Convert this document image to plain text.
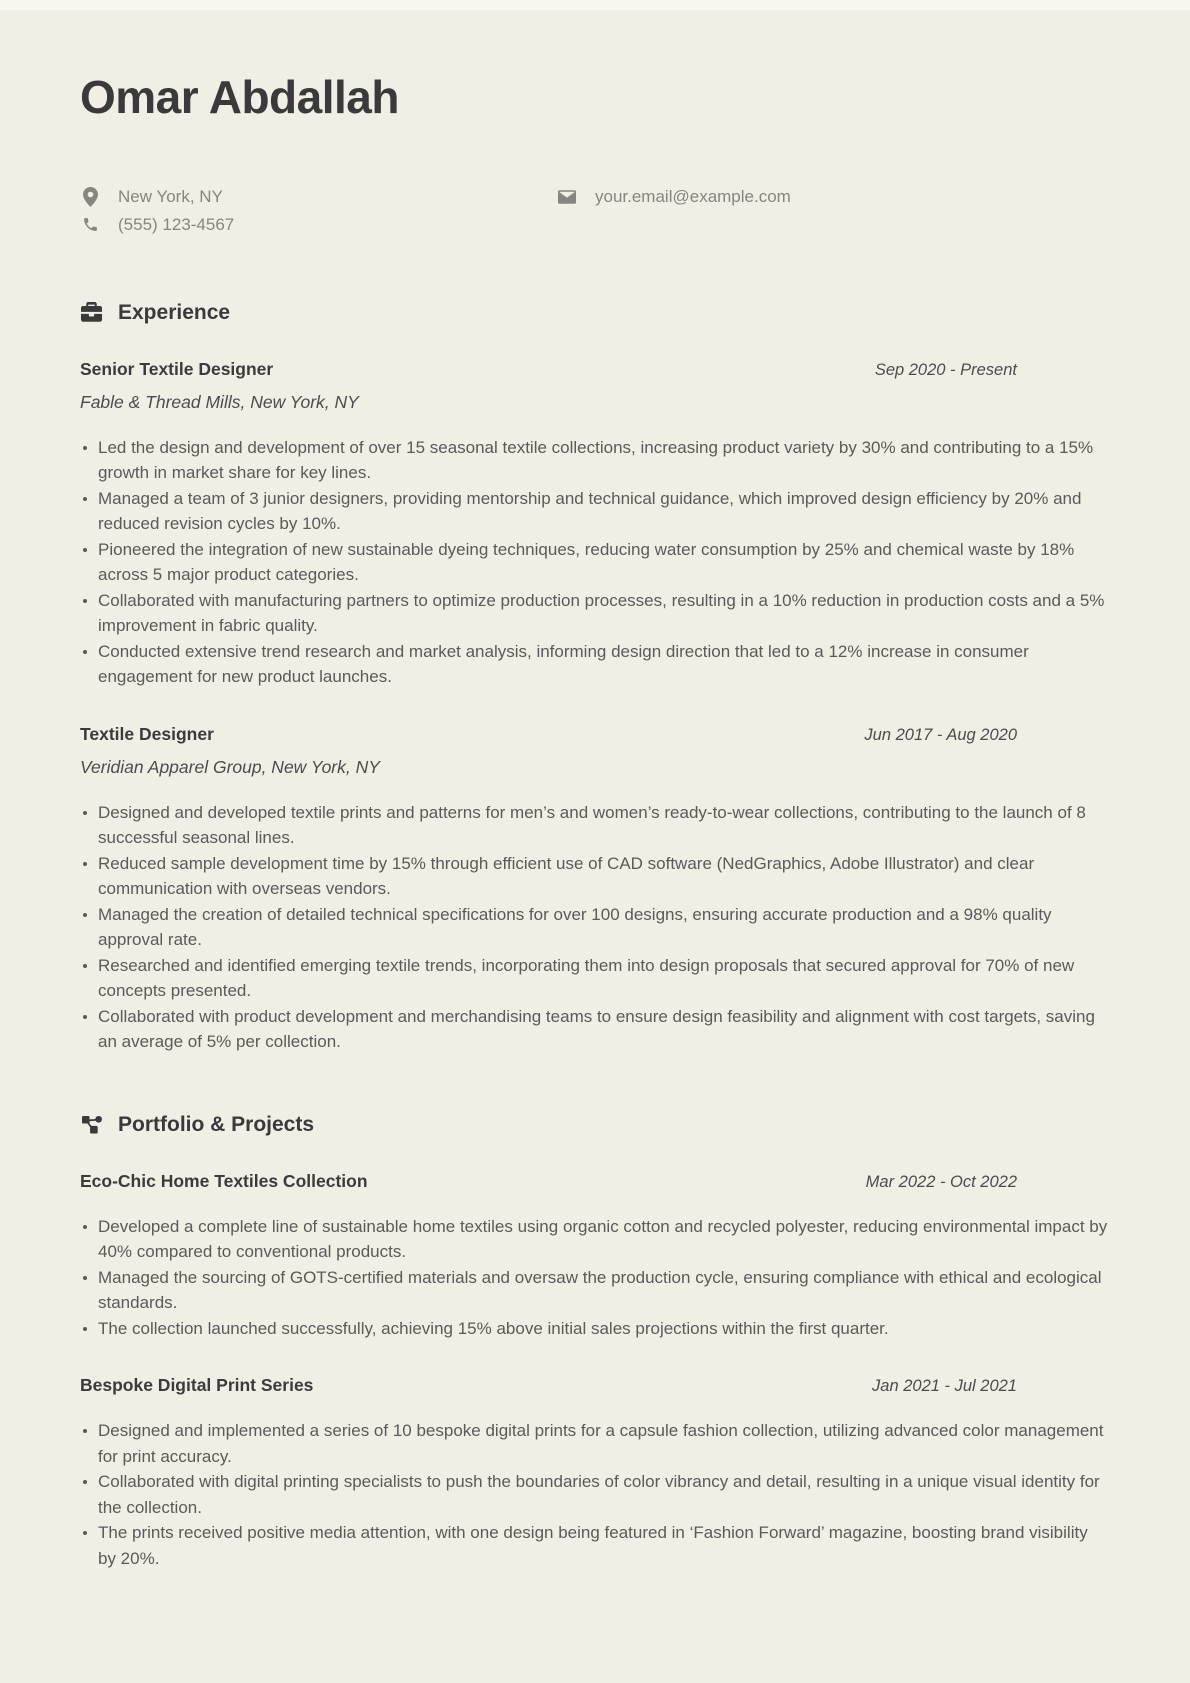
Omar Abdallah
New York, NY
(555) 123-4567
your.email@example.com
Experience
Senior Textile Designer	Sep 2020 - Present
Fable & Thread Mills, New York, NY
Led the design and development of over 15 seasonal textile collections, increasing product variety by 30% and contributing to a 15% growth in market share for key lines.
Managed a team of 3 junior designers, providing mentorship and technical guidance, which improved design efficiency by 20% and reduced revision cycles by 10%.
Pioneered the integration of new sustainable dyeing techniques, reducing water consumption by 25% and chemical waste by 18% across 5 major product categories.
Collaborated with manufacturing partners to optimize production processes, resulting in a 10% reduction in production costs and a 5% improvement in fabric quality.
Conducted extensive trend research and market analysis, informing design direction that led to a 12% increase in consumer engagement for new product launches.
Textile Designer	Jun 2017 - Aug 2020
Veridian Apparel Group, New York, NY
Designed and developed textile prints and patterns for men’s and women’s ready-to-wear collections, contributing to the launch of 8 successful seasonal lines.
Reduced sample development time by 15% through efficient use of CAD software (NedGraphics, Adobe Illustrator) and clear communication with overseas vendors.
Managed the creation of detailed technical specifications for over 100 designs, ensuring accurate production and a 98% quality approval rate.
Researched and identified emerging textile trends, incorporating them into design proposals that secured approval for 70% of new concepts presented.
Collaborated with product development and merchandising teams to ensure design feasibility and alignment with cost targets, saving an average of 5% per collection.
Portfolio & Projects
Eco-Chic Home Textiles Collection	Mar 2022 - Oct 2022
Developed a complete line of sustainable home textiles using organic cotton and recycled polyester, reducing environmental impact by 40% compared to conventional products.
Managed the sourcing of GOTS-certified materials and oversaw the production cycle, ensuring compliance with ethical and ecological standards.
The collection launched successfully, achieving 15% above initial sales projections within the first quarter.
Bespoke Digital Print Series	Jan 2021 - Jul 2021
Designed and implemented a series of 10 bespoke digital prints for a capsule fashion collection, utilizing advanced color management for print accuracy.
Collaborated with digital printing specialists to push the boundaries of color vibrancy and detail, resulting in a unique visual identity for the collection.
The prints received positive media attention, with one design being featured in ‘Fashion Forward’ magazine, boosting brand visibility by 20%.
